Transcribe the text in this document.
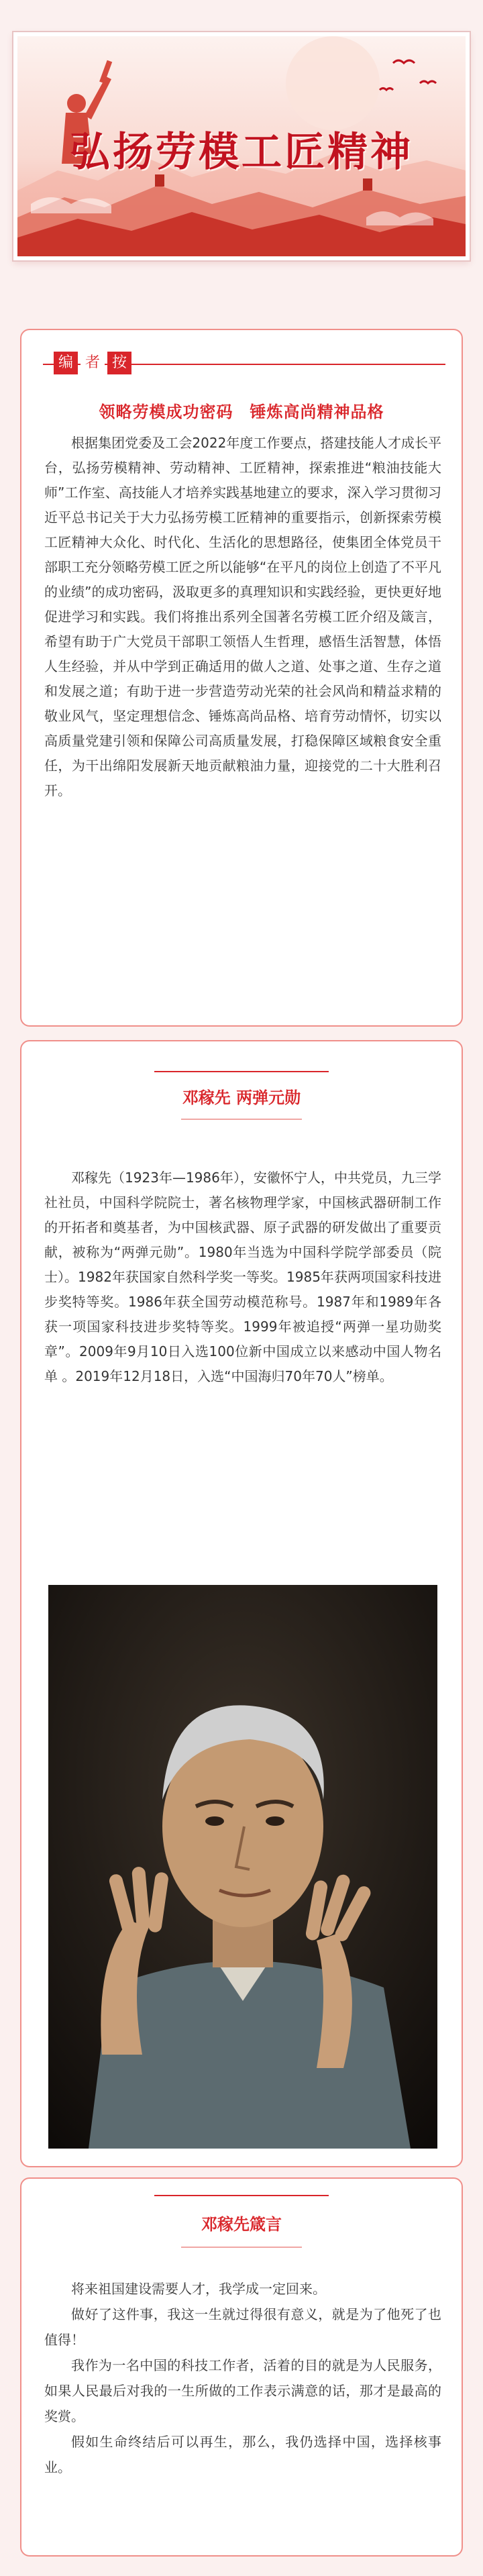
弘扬劳模工匠精神
编 者 按
领略劳模成功密码　锤炼高尚精神品格

根据集团党委及工会2022年度工作要点，搭建技能人才成长平台，弘扬劳模精神、劳动精神、工匠精神，探索推进“粮油技能大师”工作室、高技能人才培养实践基地建立的要求，深入学习贯彻习近平总书记关于大力弘扬劳模工匠精神的重要指示，创新探索劳模工匠精神大众化、时代化、生活化的思想路径，使集团全体党员干部职工充分领略劳模工匠之所以能够“在平凡的岗位上创造了不平凡的业绩”的成功密码，汲取更多的真理知识和实践经验，更快更好地促进学习和实践。我们将推出系列全国著名劳模工匠介绍及箴言，希望有助于广大党员干部职工领悟人生哲理，感悟生活智慧，体悟人生经验，并从中学到正确适用的做人之道、处事之道、生存之道和发展之道；有助于进一步营造劳动光荣的社会风尚和精益求精的敬业风气，坚定理想信念、锤炼高尚品格、培育劳动情怀，切实以高质量党建引领和保障公司高质量发展，打稳保障区域粮食安全重任，为干出绵阳发展新天地贡献粮油力量，迎接党的二十大胜利召开。

邓稼先 两弹元勋

邓稼先（1923年—1986年），安徽怀宁人，中共党员，九三学社社员，中国科学院院士，著名核物理学家，中国核武器研制工作的开拓者和奠基者，为中国核武器、原子武器的研发做出了重要贡献，被称为“两弹元勋”。1980年当选为中国科学院学部委员（院士）。1982年获国家自然科学奖一等奖。1985年获两项国家科技进步奖特等奖。1986年获全国劳动模范称号。1987年和1989年各获一项国家科技进步奖特等奖。1999年被追授“两弹一星功勋奖章”。2009年9月10日入选100位新中国成立以来感动中国人物名单 。2019年12月18日，入选“中国海归70年70人”榜单。

邓稼先箴言

将来祖国建设需要人才，我学成一定回来。

做好了这件事，我这一生就过得很有意义，就是为了他死了也值得！

我作为一名中国的科技工作者，活着的目的就是为人民服务，如果人民最后对我的一生所做的工作表示满意的话，那才是最高的奖赏。

假如生命终结后可以再生，那么，我仍选择中国，选择核事业。
